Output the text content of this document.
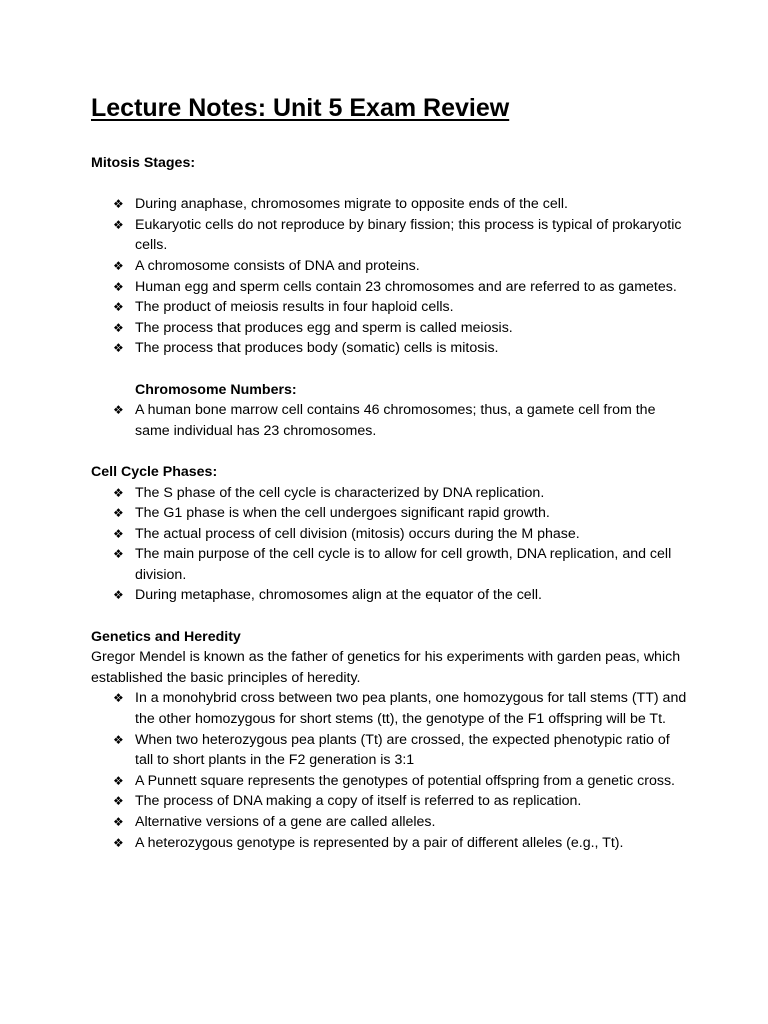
Lecture Notes: Unit 5 Exam Review

Mitosis Stages:

❖ During anaphase, chromosomes migrate to opposite ends of the cell.
❖ Eukaryotic cells do not reproduce by binary fission; this process is typical of prokaryotic cells.
❖ A chromosome consists of DNA and proteins.
❖ Human egg and sperm cells contain 23 chromosomes and are referred to as gametes.
❖ The product of meiosis results in four haploid cells.
❖ The process that produces egg and sperm is called meiosis.
❖ The process that produces body (somatic) cells is mitosis.

Chromosome Numbers:

❖ A human bone marrow cell contains 46 chromosomes; thus, a gamete cell from the same individual has 23 chromosomes.

Cell Cycle Phases:

❖ The S phase of the cell cycle is characterized by DNA replication.
❖ The G1 phase is when the cell undergoes significant rapid growth.
❖ The actual process of cell division (mitosis) occurs during the M phase.
❖ The main purpose of the cell cycle is to allow for cell growth, DNA replication, and cell division.
❖ During metaphase, chromosomes align at the equator of the cell.

Genetics and Heredity

Gregor Mendel is known as the father of genetics for his experiments with garden peas, which established the basic principles of heredity.

❖ In a monohybrid cross between two pea plants, one homozygous for tall stems (TT) and the other homozygous for short stems (tt), the genotype of the F1 offspring will be Tt.
❖ When two heterozygous pea plants (Tt) are crossed, the expected phenotypic ratio of tall to short plants in the F2 generation is 3:1
❖ A Punnett square represents the genotypes of potential offspring from a genetic cross.
❖ The process of DNA making a copy of itself is referred to as replication.
❖ Alternative versions of a gene are called alleles.
❖ A heterozygous genotype is represented by a pair of different alleles (e.g., Tt).
